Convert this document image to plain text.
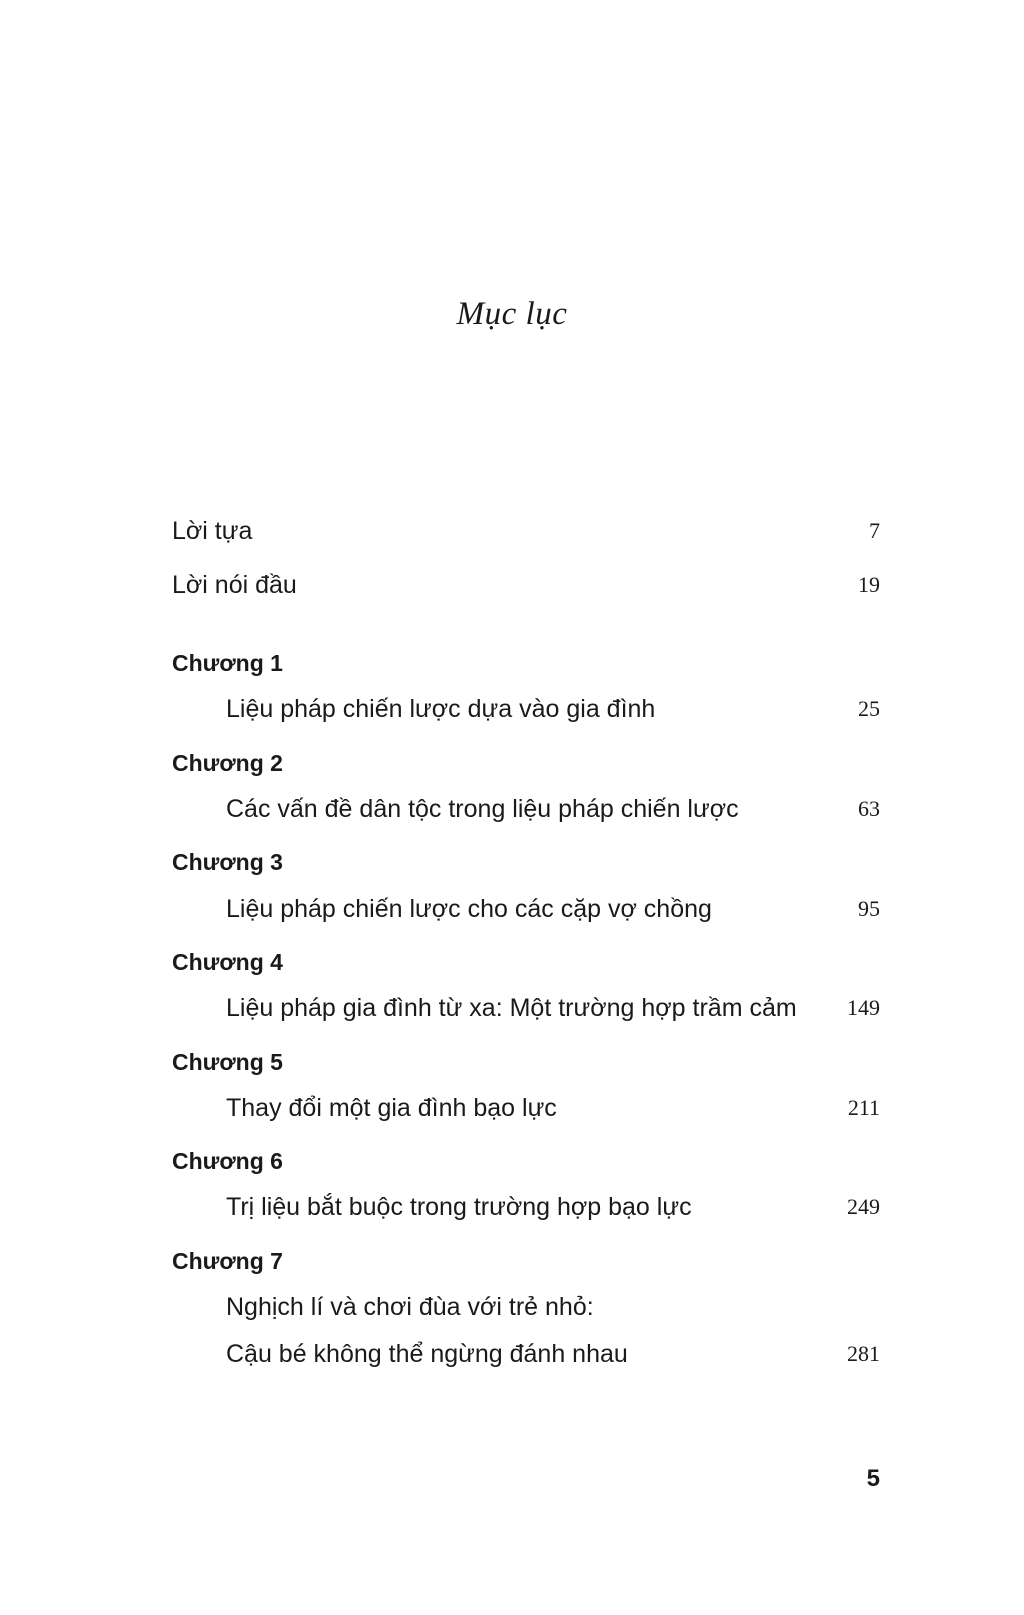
Mục lục
Lời tựa	7
Lời nói đầu	19
Chương 1
Liệu pháp chiến lược dựa vào gia đình	25
Chương 2
Các vấn đề dân tộc trong liệu pháp chiến lược	63
Chương 3
Liệu pháp chiến lược cho các cặp vợ chồng	95
Chương 4
Liệu pháp gia đình từ xa: Một trường hợp trầm cảm 149
Chương 5
Thay đổi một gia đình bạo lực	211
Chương 6
Trị liệu bắt buộc trong trường hợp bạo lực	249
Chương 7
Nghịch lí và chơi đùa với trẻ nhỏ:
Cậu bé không thể ngừng đánh nhau	281
5
